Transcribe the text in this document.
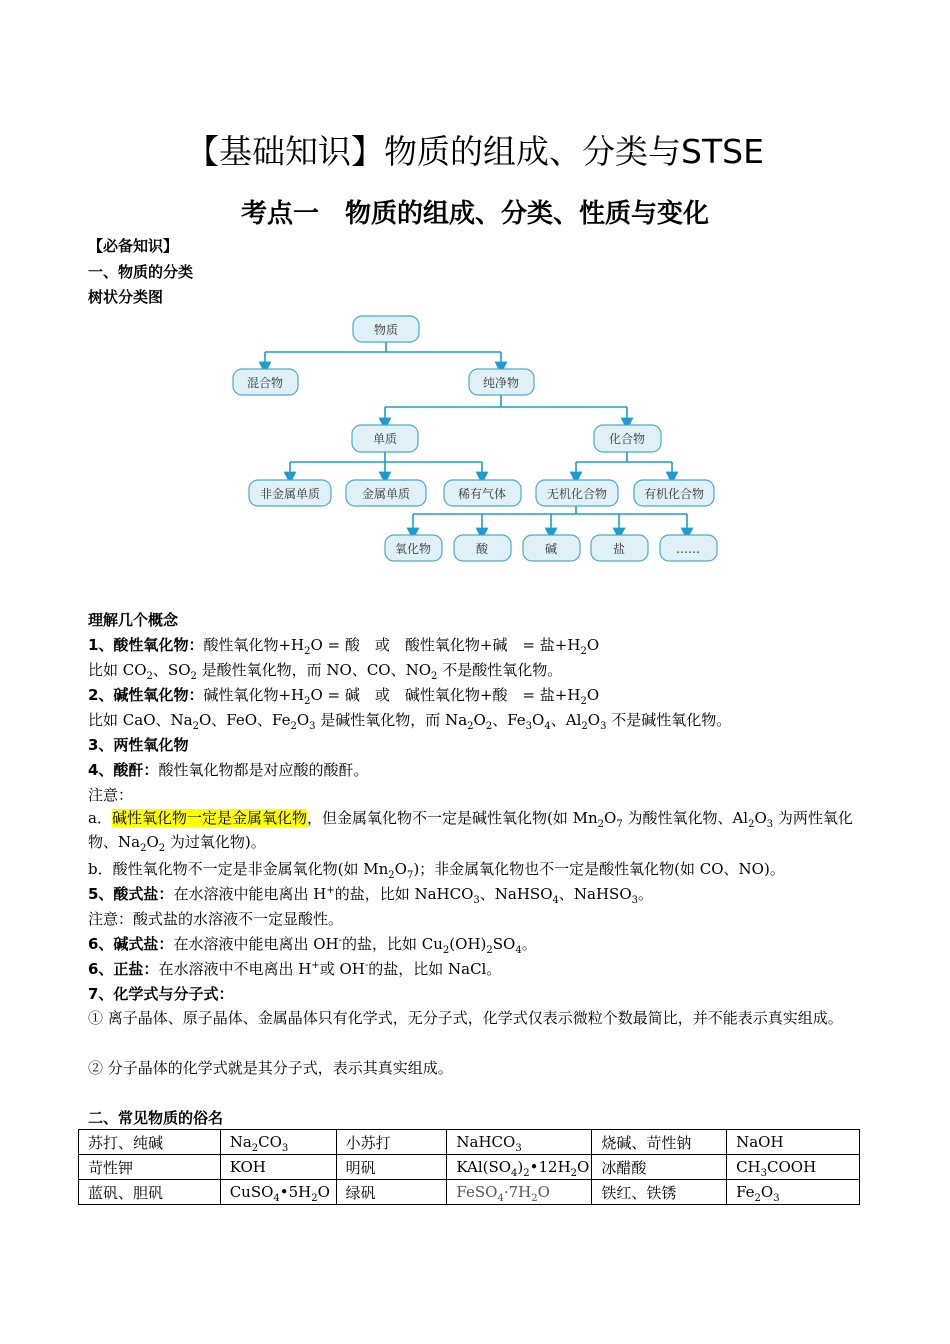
【基础知识】物质的组成、分类与STSE
考点一　物质的组成、分类、性质与变化
【必备知识】
一、物质的分类
树状分类图
物质
混合物	纯净物
单质	化合物
非金属单质	金属单质	稀有气体	无机化合物	有机化合物
氧化物	酸	碱	盐	……
理解几个概念
1、酸性氧化物：酸性氧化物$+H_2O$ = 酸　或　酸性氧化物+碱　= 盐$+H_2O$
比如 $CO_2$、$SO_2$ 是酸性氧化物，而 NO、CO、$NO_2$ 不是酸性氧化物。
2、碱性氧化物：碱性氧化物$+H_2O$ = 碱　或　碱性氧化物+酸　= 盐$+H_2O$
比如 CaO、$Na_2O$、FeO、$Fe_2O_3$ 是碱性氧化物，而 $Na_2O_2$、$Fe_3O_4$、$Al_2O_3$ 不是碱性氧化物。
3、两性氧化物
4、酸酐：酸性氧化物都是对应酸的酸酐。
注意：
a．碱性氧化物一定是金属氧化物，但金属氧化物不一定是碱性氧化物(如 $Mn_2O_7$ 为酸性氧化物、$Al_2O_3$ 为两性氧化物、$Na_2O_2$ 为过氧化物)。
b．酸性氧化物不一定是非金属氧化物(如 $Mn_2O_7$)；非金属氧化物也不一定是酸性氧化物(如 CO、NO)。
5、酸式盐：在水溶液中能电离出 H+的盐，比如 NaHCO$_3$、NaHSO$_4$、NaHSO$_3$。
注意：酸式盐的水溶液不一定显酸性。
6、碱式盐：在水溶液中能电离出 OH-的盐，比如 $Cu_2(OH)_2SO_4$。
6、正盐：在水溶液中不电离出 H+或 OH-的盐，比如 NaCl。
7、化学式与分子式：
① 离子晶体、原子晶体、金属晶体只有化学式，无分子式，化学式仅表示微粒个数最简比，并不能表示真实组成。
② 分子晶体的化学式就是其分子式，表示其真实组成。
二、常见物质的俗名
苏打、纯碱	$Na_2CO_3$	小苏打	NaHCO$_3$	烧碱、苛性钠	NaOH
苛性钾	KOH	明矾	$KAl(SO_4)_2•12H_2O$	冰醋酸	$CH_3COOH$
蓝矾、胆矾	$CuSO_4•5H_2O$	绿矾	$FeSO_4\cdot 7H_2O$	铁红、铁锈	$Fe_2O_3$
